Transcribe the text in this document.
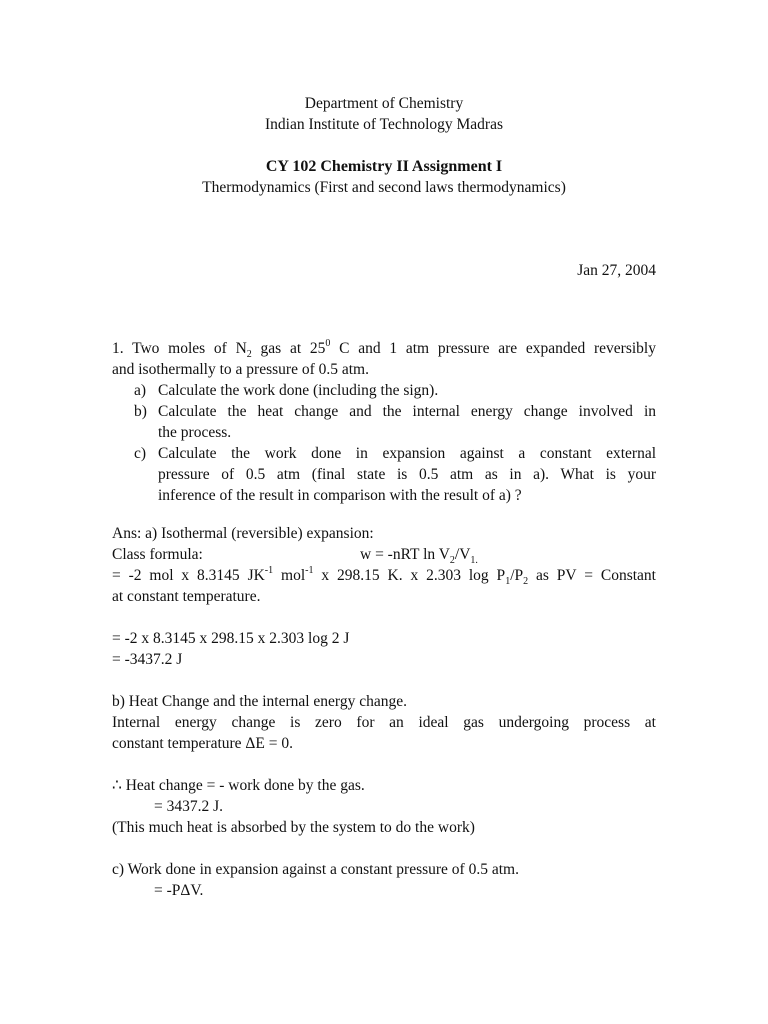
Department of Chemistry
Indian Institute of Technology Madras
CY 102 Chemistry II Assignment I
Thermodynamics (First and second laws thermodynamics)
Jan 27, 2004
1. Two moles of $N_2$ gas at $25^0$ C and 1 atm pressure are expanded reversibly
and isothermally to a pressure of 0.5 atm.
a) Calculate the work done (including the sign).
b) Calculate the heat change and the internal energy change involved in
the process.
c) Calculate the work done in expansion against a constant external
pressure of 0.5 atm (final state is 0.5 atm as in a). What is your
inference of the result in comparison with the result of a) ?
Ans: a) Isothermal (reversible) expansion:
Class formula:	w = -nRT $\ln V_2/V_{1.}$
= -2 mol x 8.3145 $JK^{-1}$ mol$^{-1}$ x 298.15 K. x 2.303 $\log P_1/P_2$ as PV = Constant
at constant temperature.
= -2 x 8.3145 x 298.15 x 2.303 log 2 J
= -3437.2 J
b) Heat Change and the internal energy change.
Internal energy change is zero for an ideal gas undergoing process at
constant temperature ΔE = 0.
∴ Heat change = - work done by the gas.
= 3437.2 J.
(This much heat is absorbed by the system to do the work)
c) Work done in expansion against a constant pressure of 0.5 atm.
= -PΔV.
